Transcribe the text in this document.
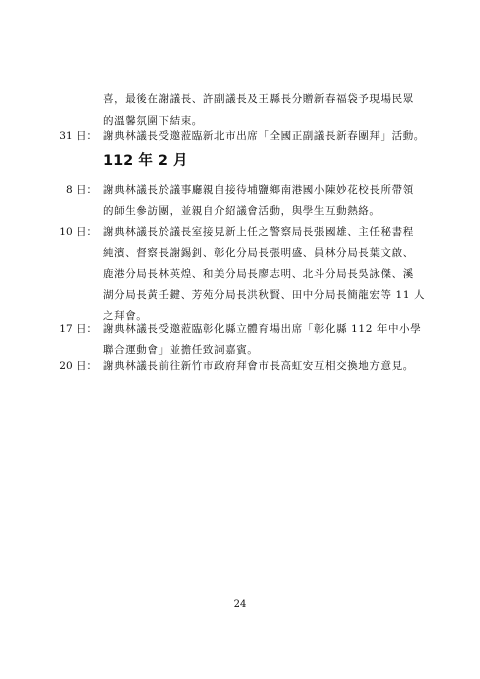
喜，最後在謝議長、許副議長及王縣長分贈新春福袋予現場民眾
的溫馨氛圍下結束。
31 日： 謝典林議長受邀蒞臨新北市出席「全國正副議長新春團拜」活動。
112 年 2 月
8 日： 謝典林議長於議事廳親自接待埔鹽鄉南港國小陳妙花校長所帶領
的師生參訪團，並親自介紹議會活動，與學生互動熱絡。
10 日： 謝典林議長於議長室接見新上任之警察局長張國雄、主任秘書程
純濱、督察長謝錫釗、彰化分局長張明盛、員林分局長葉文啟、
鹿港分局長林英煌、和美分局長廖志明、北斗分局長吳詠傑、溪
湖分局長黃壬鍵、芳苑分局長洪秋賢、田中分局長簡龍宏等 11 人
之拜會。
17 日： 謝典林議長受邀蒞臨彰化縣立體育場出席「彰化縣 112 年中小學
聯合運動會」並擔任致詞嘉賓。
20 日： 謝典林議長前往新竹市政府拜會市長高虹安互相交換地方意見。
24
